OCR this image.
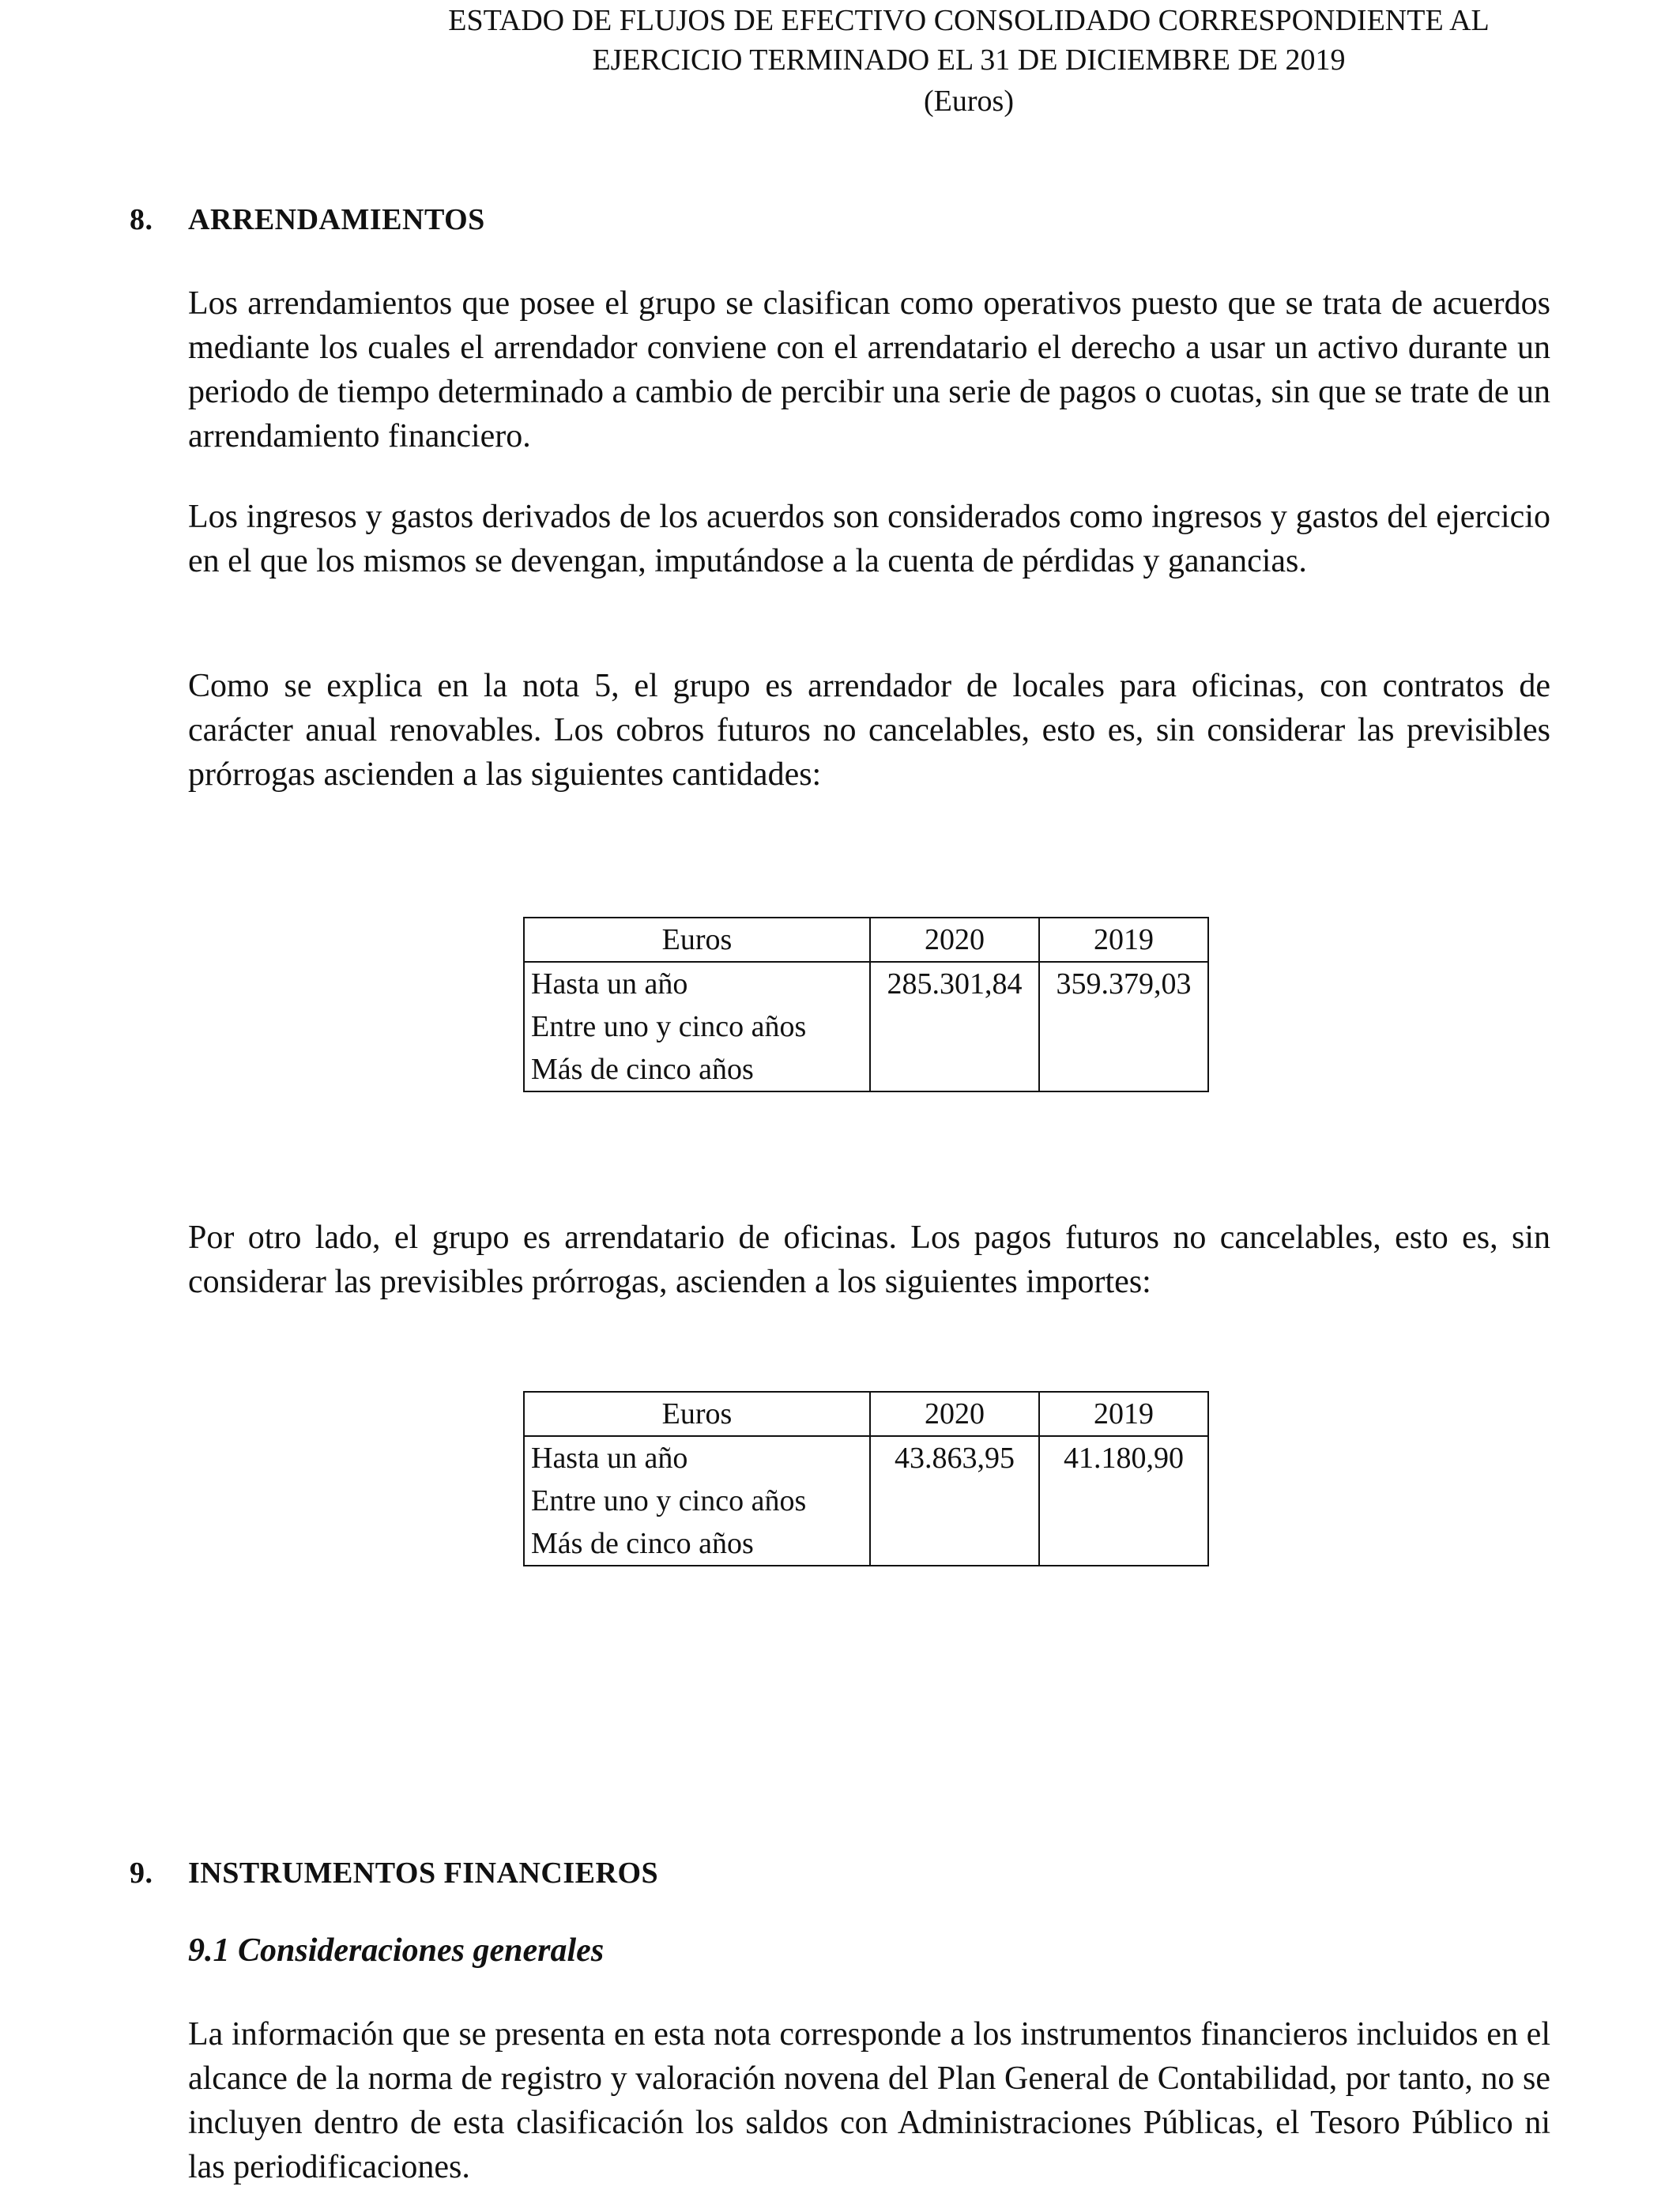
ESTADO DE FLUJOS DE EFECTIVO CONSOLIDADO CORRESPONDIENTE AL
EJERCICIO TERMINADO EL 31 DE DICIEMBRE DE 2019
(Euros)
8. ARRENDAMIENTOS

Los arrendamientos que posee el grupo se clasifican como operativos puesto que se trata de acuerdos mediante los cuales el arrendador conviene con el arrendatario el derecho a usar un activo durante un periodo de tiempo determinado a cambio de percibir una serie de pagos o cuotas, sin que se trate de un arrendamiento financiero.

Los ingresos y gastos derivados de los acuerdos son considerados como ingresos y gastos del ejercicio en el que los mismos se devengan, imputándose a la cuenta de pérdidas y ganancias.

Como se explica en la nota 5, el grupo es arrendador de locales para oficinas, con contratos de carácter anual renovables. Los cobros futuros no cancelables, esto es, sin considerar las previsibles prórrogas ascienden a las siguientes cantidades:

Euros	2020	2019
Hasta un año	285.301,84	359.379,03
Entre uno y cinco años		
Más de cinco años		

Por otro lado, el grupo es arrendatario de oficinas. Los pagos futuros no cancelables, esto es, sin considerar las previsibles prórrogas, ascienden a los siguientes importes:

Euros	2020	2019
Hasta un año	43.863,95	41.180,90
Entre uno y cinco años		
Más de cinco años		
9. INSTRUMENTOS FINANCIEROS
9.1 Consideraciones generales

La información que se presenta en esta nota corresponde a los instrumentos financieros incluidos en el alcance de la norma de registro y valoración novena del Plan General de Contabilidad, por tanto, no se incluyen dentro de esta clasificación los saldos con Administraciones Públicas, el Tesoro Público ni las periodificaciones.
